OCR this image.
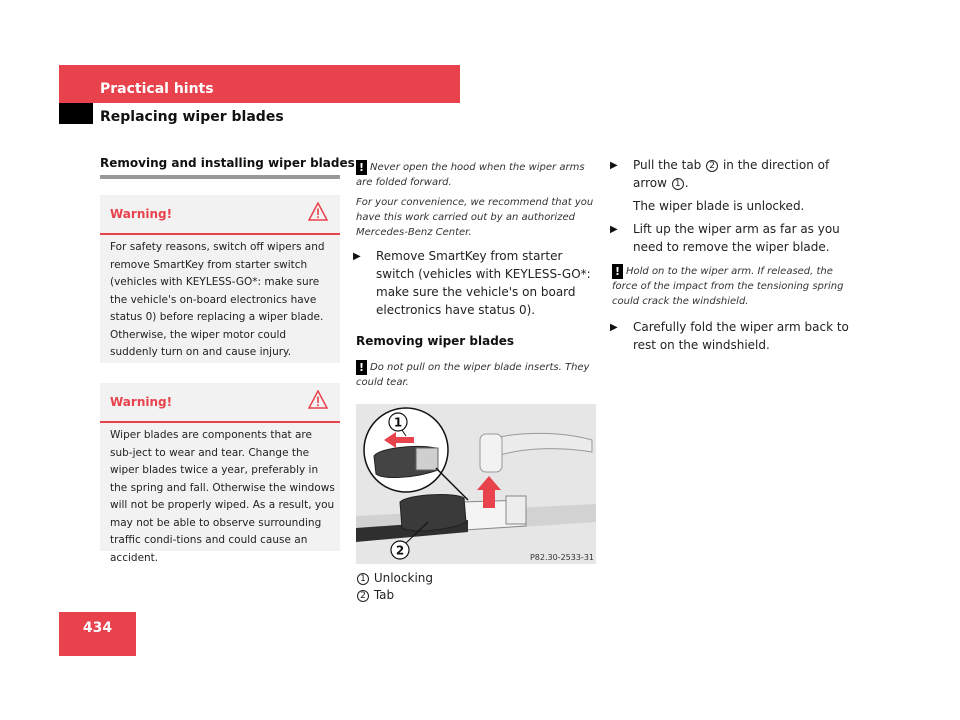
Practical hints
Replacing wiper blades
Removing and installing wiper blades
Warning!
For safety reasons, switch off wipers and remove SmartKey from starter switch (vehicles with KEYLESS-GO*: make sure the vehicle's on-board electronics have status 0) before replacing a wiper blade. Otherwise, the wiper motor could suddenly turn on and cause injury.
Warning!
Wiper blades are components that are sub-ject to wear and tear. Change the wiper blades twice a year, preferably in the spring and fall. Otherwise the windows will not be properly wiped. As a result, you may not be able to observe surrounding traffic condi-tions and could cause an accident.
! Never open the hood when the wiper arms are folded forward.
For your convenience, we recommend that you have this work carried out by an authorized Mercedes-Benz Center.
▶ Remove SmartKey from starter switch (vehicles with KEYLESS-GO*: make sure the vehicle's on board electronics have status 0).
Removing wiper blades
! Do not pull on the wiper blade inserts. They could tear.
1
2	P82.30-2533-31
1 Unlocking
2 Tab
▶ Pull the tab 2 in the direction of arrow 1 .
The wiper blade is unlocked.
▶ Lift up the wiper arm as far as you need to remove the wiper blade.
! Hold on to the wiper arm. If released, the force of the impact from the tensioning spring could crack the windshield.
▶ Carefully fold the wiper arm back to rest on the windshield.
434
